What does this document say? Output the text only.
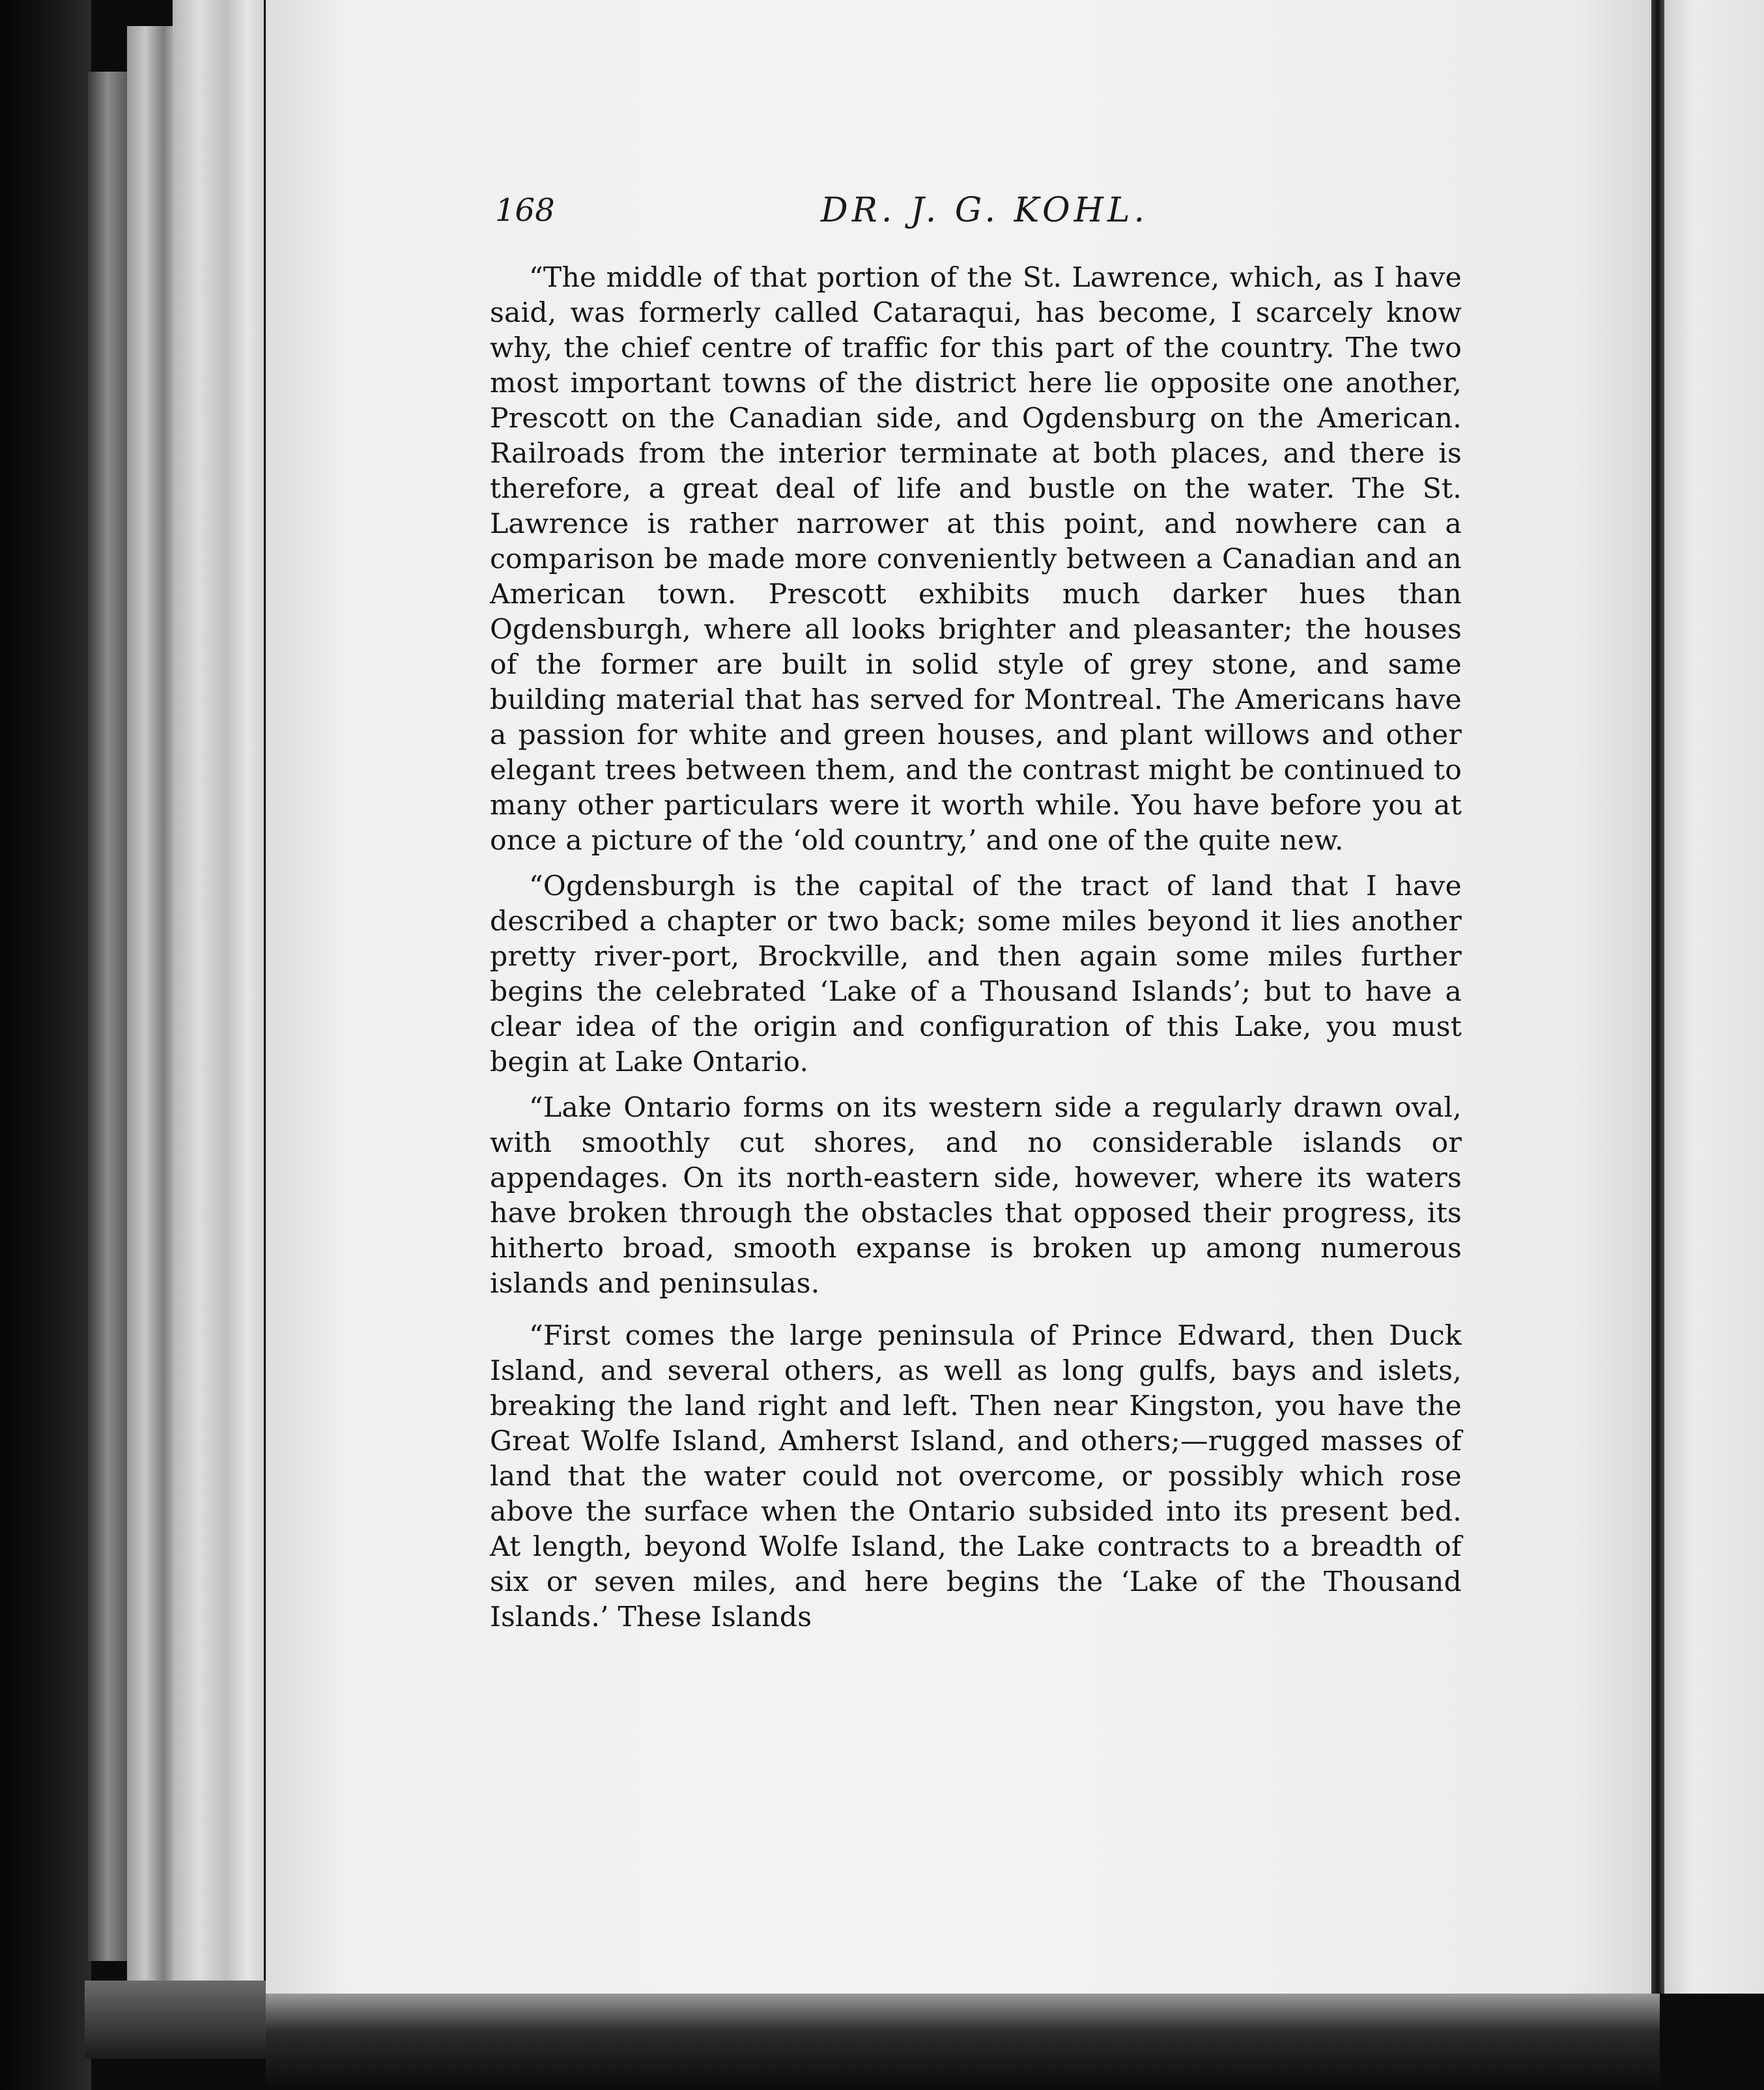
168	DR. J. G. KOHL.

“The middle of that portion of the St. Lawrence, which, as I have said, was formerly called Cataraqui, has become, I scarcely know why, the chief centre of traffic for this part of the country. The two most important towns of the district here lie opposite one another, Prescott on the Canadian side, and Ogdensburg on the American. Railroads from the interior terminate at both places, and there is therefore, a great deal of life and bustle on the water. The St. Lawrence is rather narrower at this point, and nowhere can a comparison be made more conveniently between a Canadian and an American town. Prescott exhibits much darker hues than Ogdensburgh, where all looks brighter and pleasanter; the houses of the former are built in solid style of grey stone, and same building material that has served for Montreal. The Americans have a passion for white and green houses, and plant willows and other elegant trees between them, and the contrast might be continued to many other particulars were it worth while. You have before you at once a picture of the ‘old country,’ and one of the quite new.

“Ogdensburgh is the capital of the tract of land that I have described a chapter or two back; some miles beyond it lies another pretty river-port, Brockville, and then again some miles further begins the celebrated ‘Lake of a Thousand Islands’; but to have a clear idea of the origin and configuration of this Lake, you must begin at Lake Ontario.

“Lake Ontario forms on its western side a regularly drawn oval, with smoothly cut shores, and no considerable islands or appendages. On its north-eastern side, however, where its waters have broken through the obstacles that opposed their progress, its hitherto broad, smooth expanse is broken up among numerous islands and peninsulas.

“First comes the large peninsula of Prince Edward, then Duck Island, and several others, as well as long gulfs, bays and islets, breaking the land right and left. Then near Kingston, you have the Great Wolfe Island, Amherst Island, and others;—rugged masses of land that the water could not overcome, or possibly which rose above the surface when the Ontario subsided into its present bed. At length, beyond Wolfe Island, the Lake contracts to a breadth of six or seven miles, and here begins the ‘Lake of the Thousand Islands.’ These Islands
